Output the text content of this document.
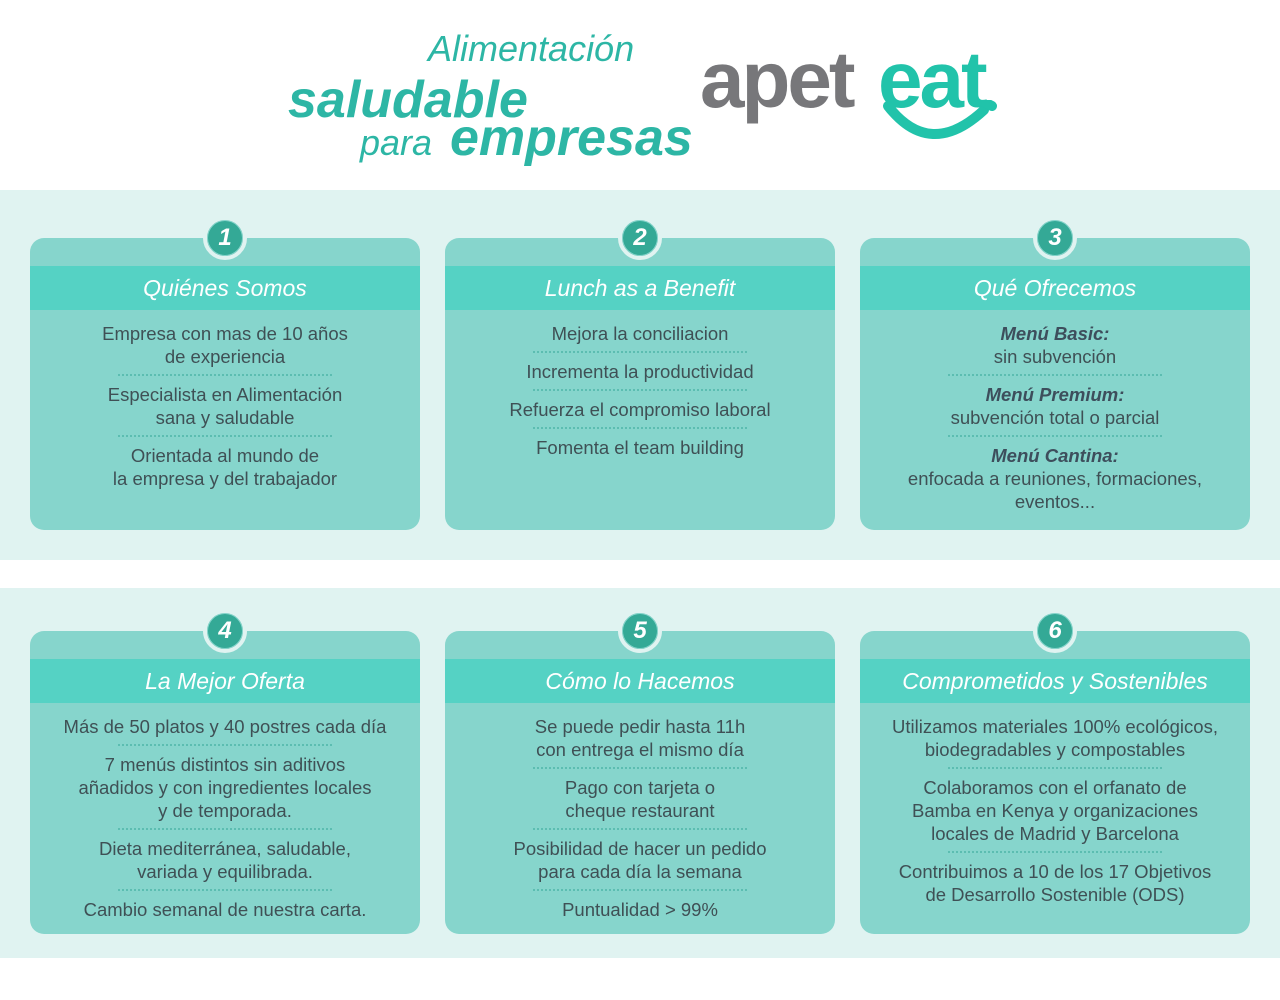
Alimentación
saludable
para empresas
apet eat
Quiénes Somos
1
Empresa con mas de 10 años
de experiencia
Especialista en Alimentación
sana y saludable
Orientada al mundo de
la empresa y del trabajador
Lunch as a Benefit
2
Mejora la conciliacion
Incrementa la productividad
Refuerza el compromiso laboral
Fomenta el team building
Qué Ofrecemos
3
Menú Basic:
sin subvención
Menú Premium:
subvención total o parcial
Menú Cantina:
enfocada a reuniones, formaciones,
eventos...
La Mejor Oferta
4
Más de 50 platos y 40 postres cada día
7 menús distintos sin aditivos
añadidos y con ingredientes locales
y de temporada.
Dieta mediterránea, saludable,
variada y equilibrada.
Cambio semanal de nuestra carta.
Cómo lo Hacemos
5
Se puede pedir hasta 11h
con entrega el mismo día
Pago con tarjeta o
cheque restaurant
Posibilidad de hacer un pedido
para cada día la semana
Puntualidad > 99%
Comprometidos y Sostenibles
6
Utilizamos materiales 100% ecológicos,
biodegradables y compostables
Colaboramos con el orfanato de
Bamba en Kenya y organizaciones
locales de Madrid y Barcelona
Contribuimos a 10 de los 17 Objetivos
de Desarrollo Sostenible (ODS)
